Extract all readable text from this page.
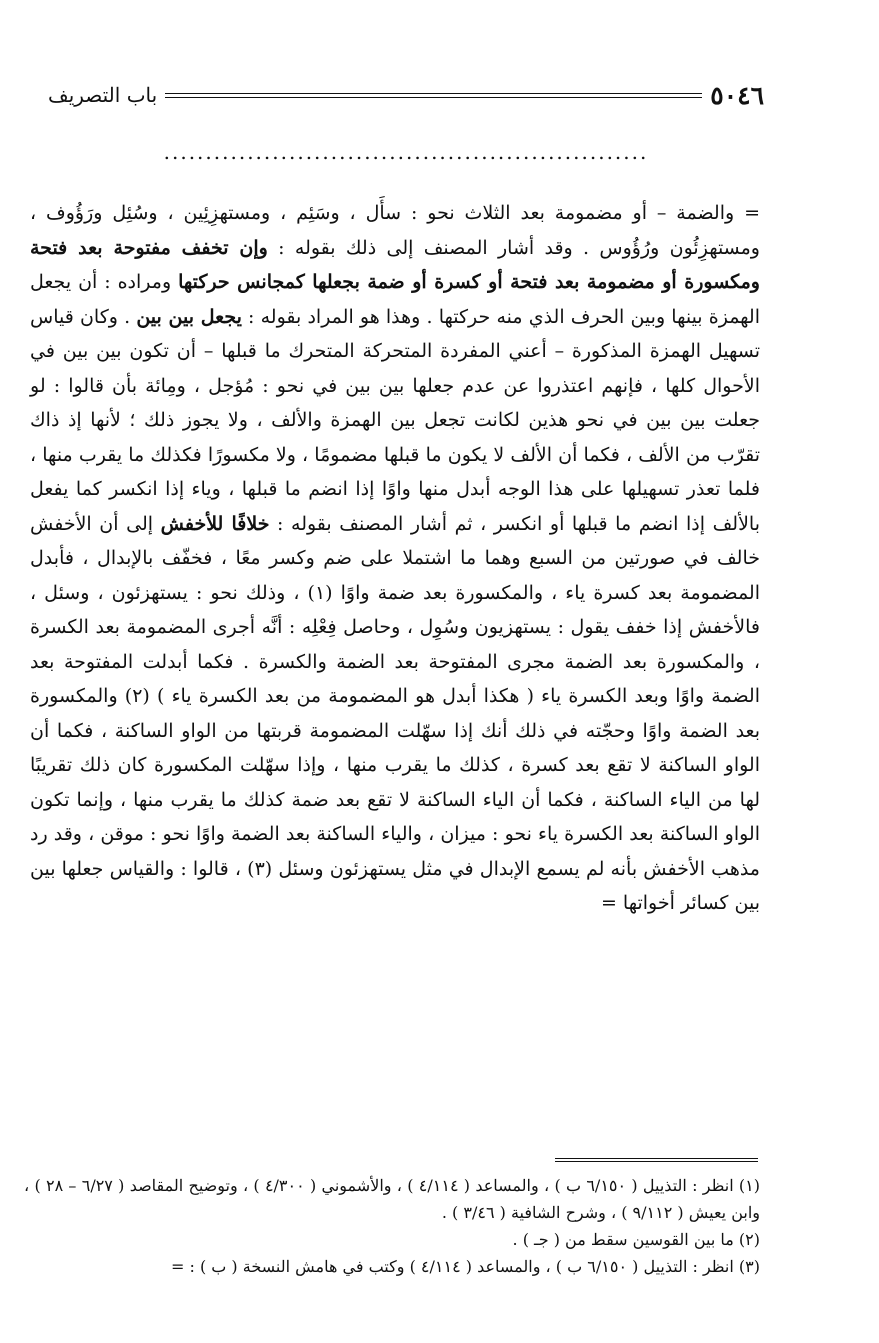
٥٠٤٦
باب التصريف
..........................................................
= والضمة – أو مضمومة بعد الثلاث نحو : سأَل ، وسَئِم ، ومستهزِئِين ، وسُئِل ورَؤُوف ، ومستهزِئُون ورُؤُوس . وقد أشار المصنف إلى ذلك بقوله : وإن تخفف مفتوحة بعد فتحة ومكسورة أو مضمومة بعد فتحة أو كسرة أو ضمة بجعلها كمجانس حركتها ومراده : أن يجعل الهمزة بينها وبين الحرف الذي منه حركتها . وهذا هو المراد بقوله : يجعل بين بين . وكان قياس تسهيل الهمزة المذكورة – أعني المفردة المتحركة المتحرك ما قبلها – أن تكون بين بين في الأحوال كلها ، فإنهم اعتذروا عن عدم جعلها بين بين في نحو : مُؤجل ، ومِائة بأن قالوا : لو جعلت بين بين في نحو هذين لكانت تجعل بين الهمزة والألف ، ولا يجوز ذلك ؛ لأنها إذ ذاك تقرّب من الألف ، فكما أن الألف لا يكون ما قبلها مضمومًا ، ولا مكسورًا فكذلك ما يقرب منها ، فلما تعذر تسهيلها على هذا الوجه أبدل منها واوًا إذا انضم ما قبلها ، وياء إذا انكسر كما يفعل بالألف إذا انضم ما قبلها أو انكسر ، ثم أشار المصنف بقوله : خلافًا للأخفش إلى أن الأخفش خالف في صورتين من السبع وهما ما اشتملا على ضم وكسر معًا ، فخفّف بالإبدال ، فأبدل المضمومة بعد كسرة ياء ، والمكسورة بعد ضمة واوًا (١) ، وذلك نحو : يستهزئون ، وسئل ، فالأخفش إذا خفف يقول : يستهزيون وسُوِل ، وحاصل فِعْلِه : أنَّه أجرى المضمومة بعد الكسرة ، والمكسورة بعد الضمة مجرى المفتوحة بعد الضمة والكسرة . فكما أبدلت المفتوحة بعد الضمة واوًا وبعد الكسرة ياء ( هكذا أبدل هو المضمومة من بعد الكسرة ياء ) (٢) والمكسورة بعد الضمة واوًا وحجّته في ذلك أنك إذا سهّلت المضمومة قربتها من الواو الساكنة ، فكما أن الواو الساكنة لا تقع بعد كسرة ، كذلك ما يقرب منها ، وإذا سهّلت المكسورة كان ذلك تقريبًا لها من الياء الساكنة ، فكما أن الياء الساكنة لا تقع بعد ضمة كذلك ما يقرب منها ، وإنما تكون الواو الساكنة بعد الكسرة ياء نحو : ميزان ، والياء الساكنة بعد الضمة واوًا نحو : موقن ، وقد رد مذهب الأخفش بأنه لم يسمع الإبدال في مثل يستهزئون وسئل (٣) ، قالوا : والقياس جعلها بين بين كسائر أخواتها =

(١) انظر : التذييل ( ٦/١٥٠ ب ) ، والمساعد ( ٤/١١٤ ) ، والأشموني ( ٤/٣٠٠ ) ، وتوضيح المقاصد ( ٦/٢٧ – ٢٨ ) ، وابن يعيش ( ٩/١١٢ ) ، وشرح الشافية ( ٣/٤٦ ) .

(٢) ما بين القوسين سقط من ( جـ ) .

(٣) انظر : التذييل ( ٦/١٥٠ ب ) ، والمساعد ( ٤/١١٤ ) وكتب في هامش النسخة ( ب ) : =
